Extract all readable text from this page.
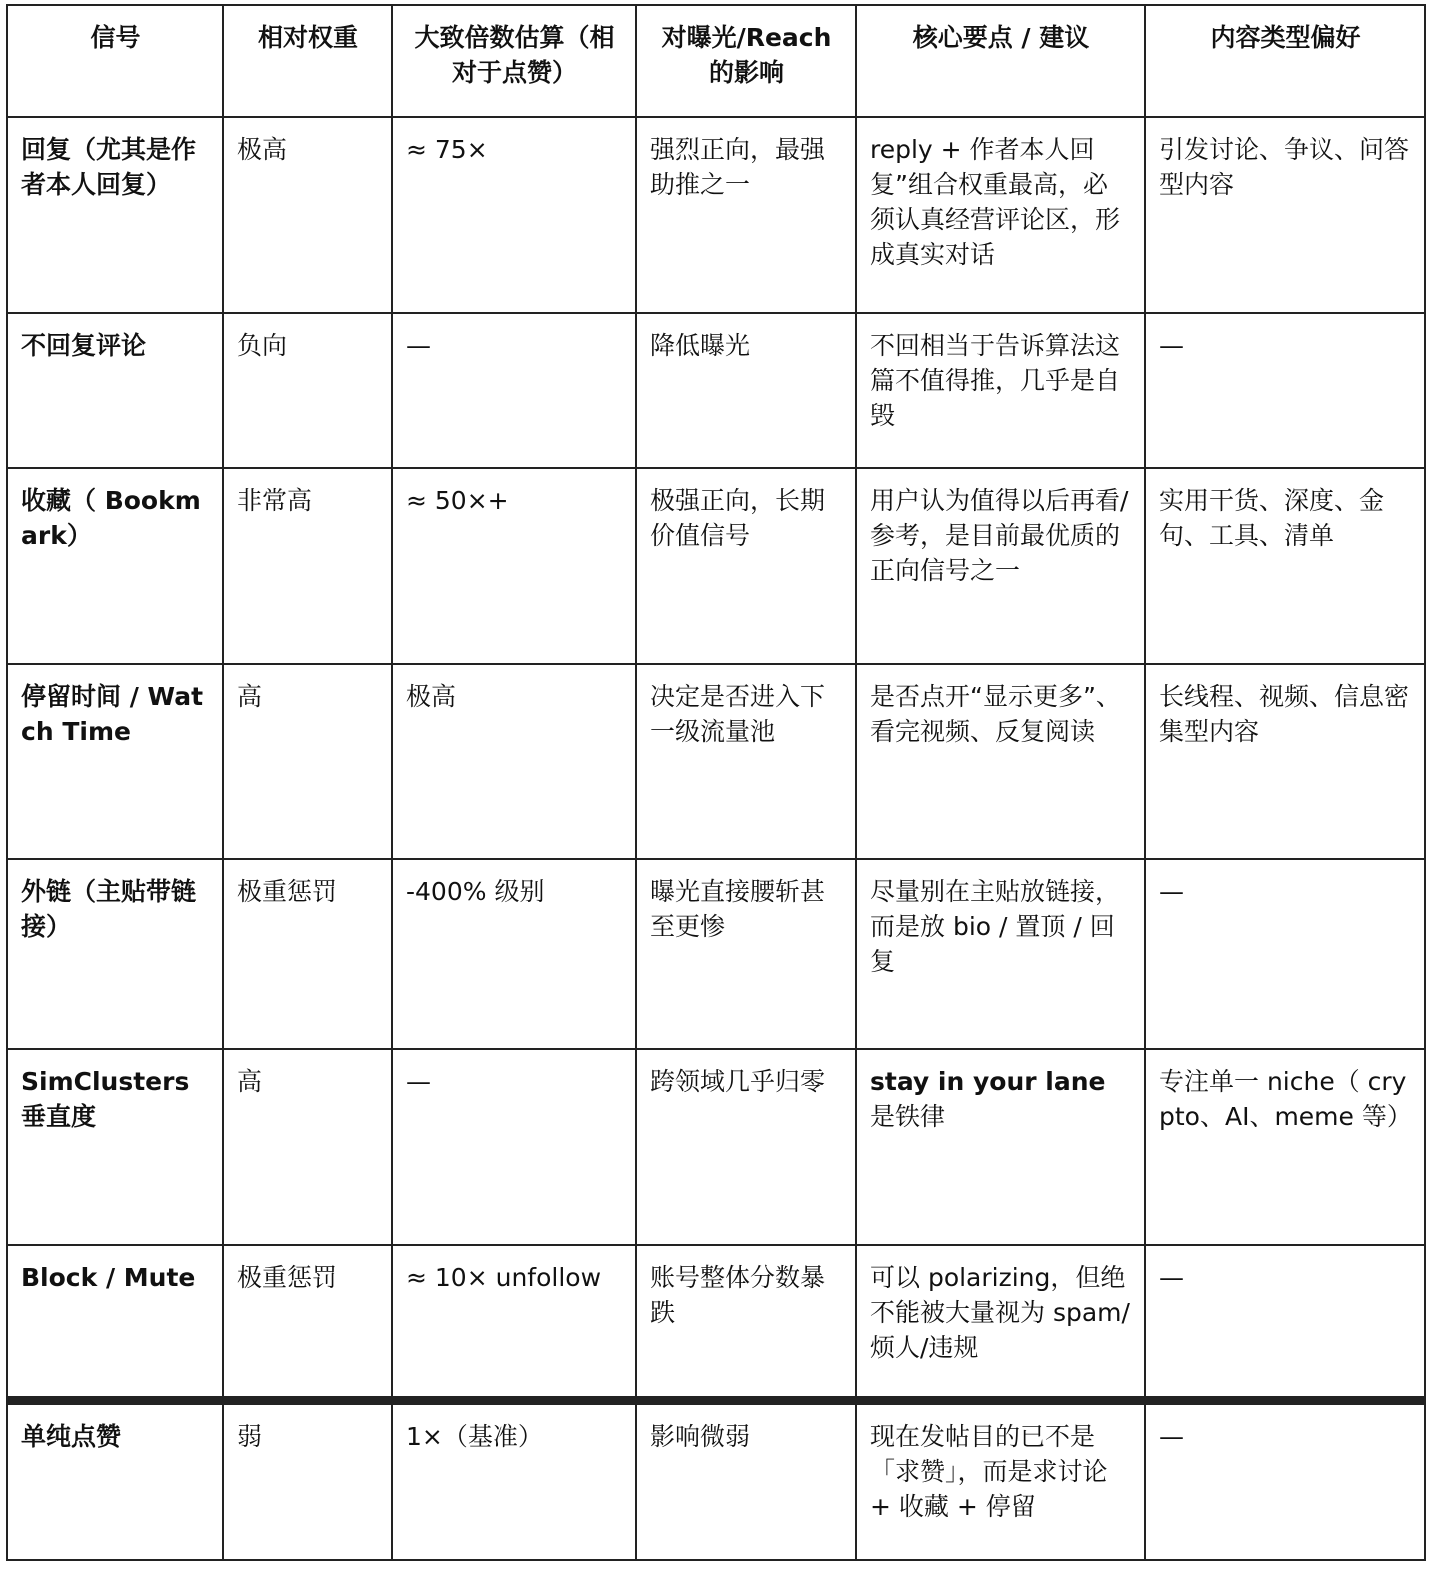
信号	相对权重	大致倍数估算（相对于点赞）	对曝光/Reach的影响	核心要点 / 建议	内容类型偏好
回复（尤其是作者本人回复）	极高	≈ 75×	强烈正向，最强助推之一	reply + 作者本人回复”组合权重最高，必须认真经营评论区，形成真实对话	引发讨论、争议、问答型内容
不回复评论	负向	—	降低曝光	不回相当于告诉算法这篇不值得推，几乎是自毁	—
收藏（ Bookmark）	非常高	≈ 50×+	极强正向，长期价值信号	用户认为值得以后再看/参考，是目前最优质的正向信号之一	实用干货、深度、金句、工具、清单
停留时间 / Watch Time	高	极高	决定是否进入下一级流量池	是否点开“显示更多”、看完视频、反复阅读	长线程、视频、信息密集型内容
外链（主贴带链接）	极重惩罚	-400% 级别	曝光直接腰斩甚至更惨	尽量别在主贴放链接，而是放 bio / 置顶 / 回复	—
SimClusters 垂直度	高	—	跨领域几乎归零	stay in your lane 是铁律	专注单一 niche（ crypto、AI、meme 等）
Block / Mute	极重惩罚	≈ 10× unfollow	账号整体分数暴跌	可以 polarizing，但绝不能被大量视为 spam/烦人/违规	—
单纯点赞	弱	1×（基准）	影响微弱	现在发帖目的已不是「求赞」，而是求讨论 + 收藏 + 停留	—
